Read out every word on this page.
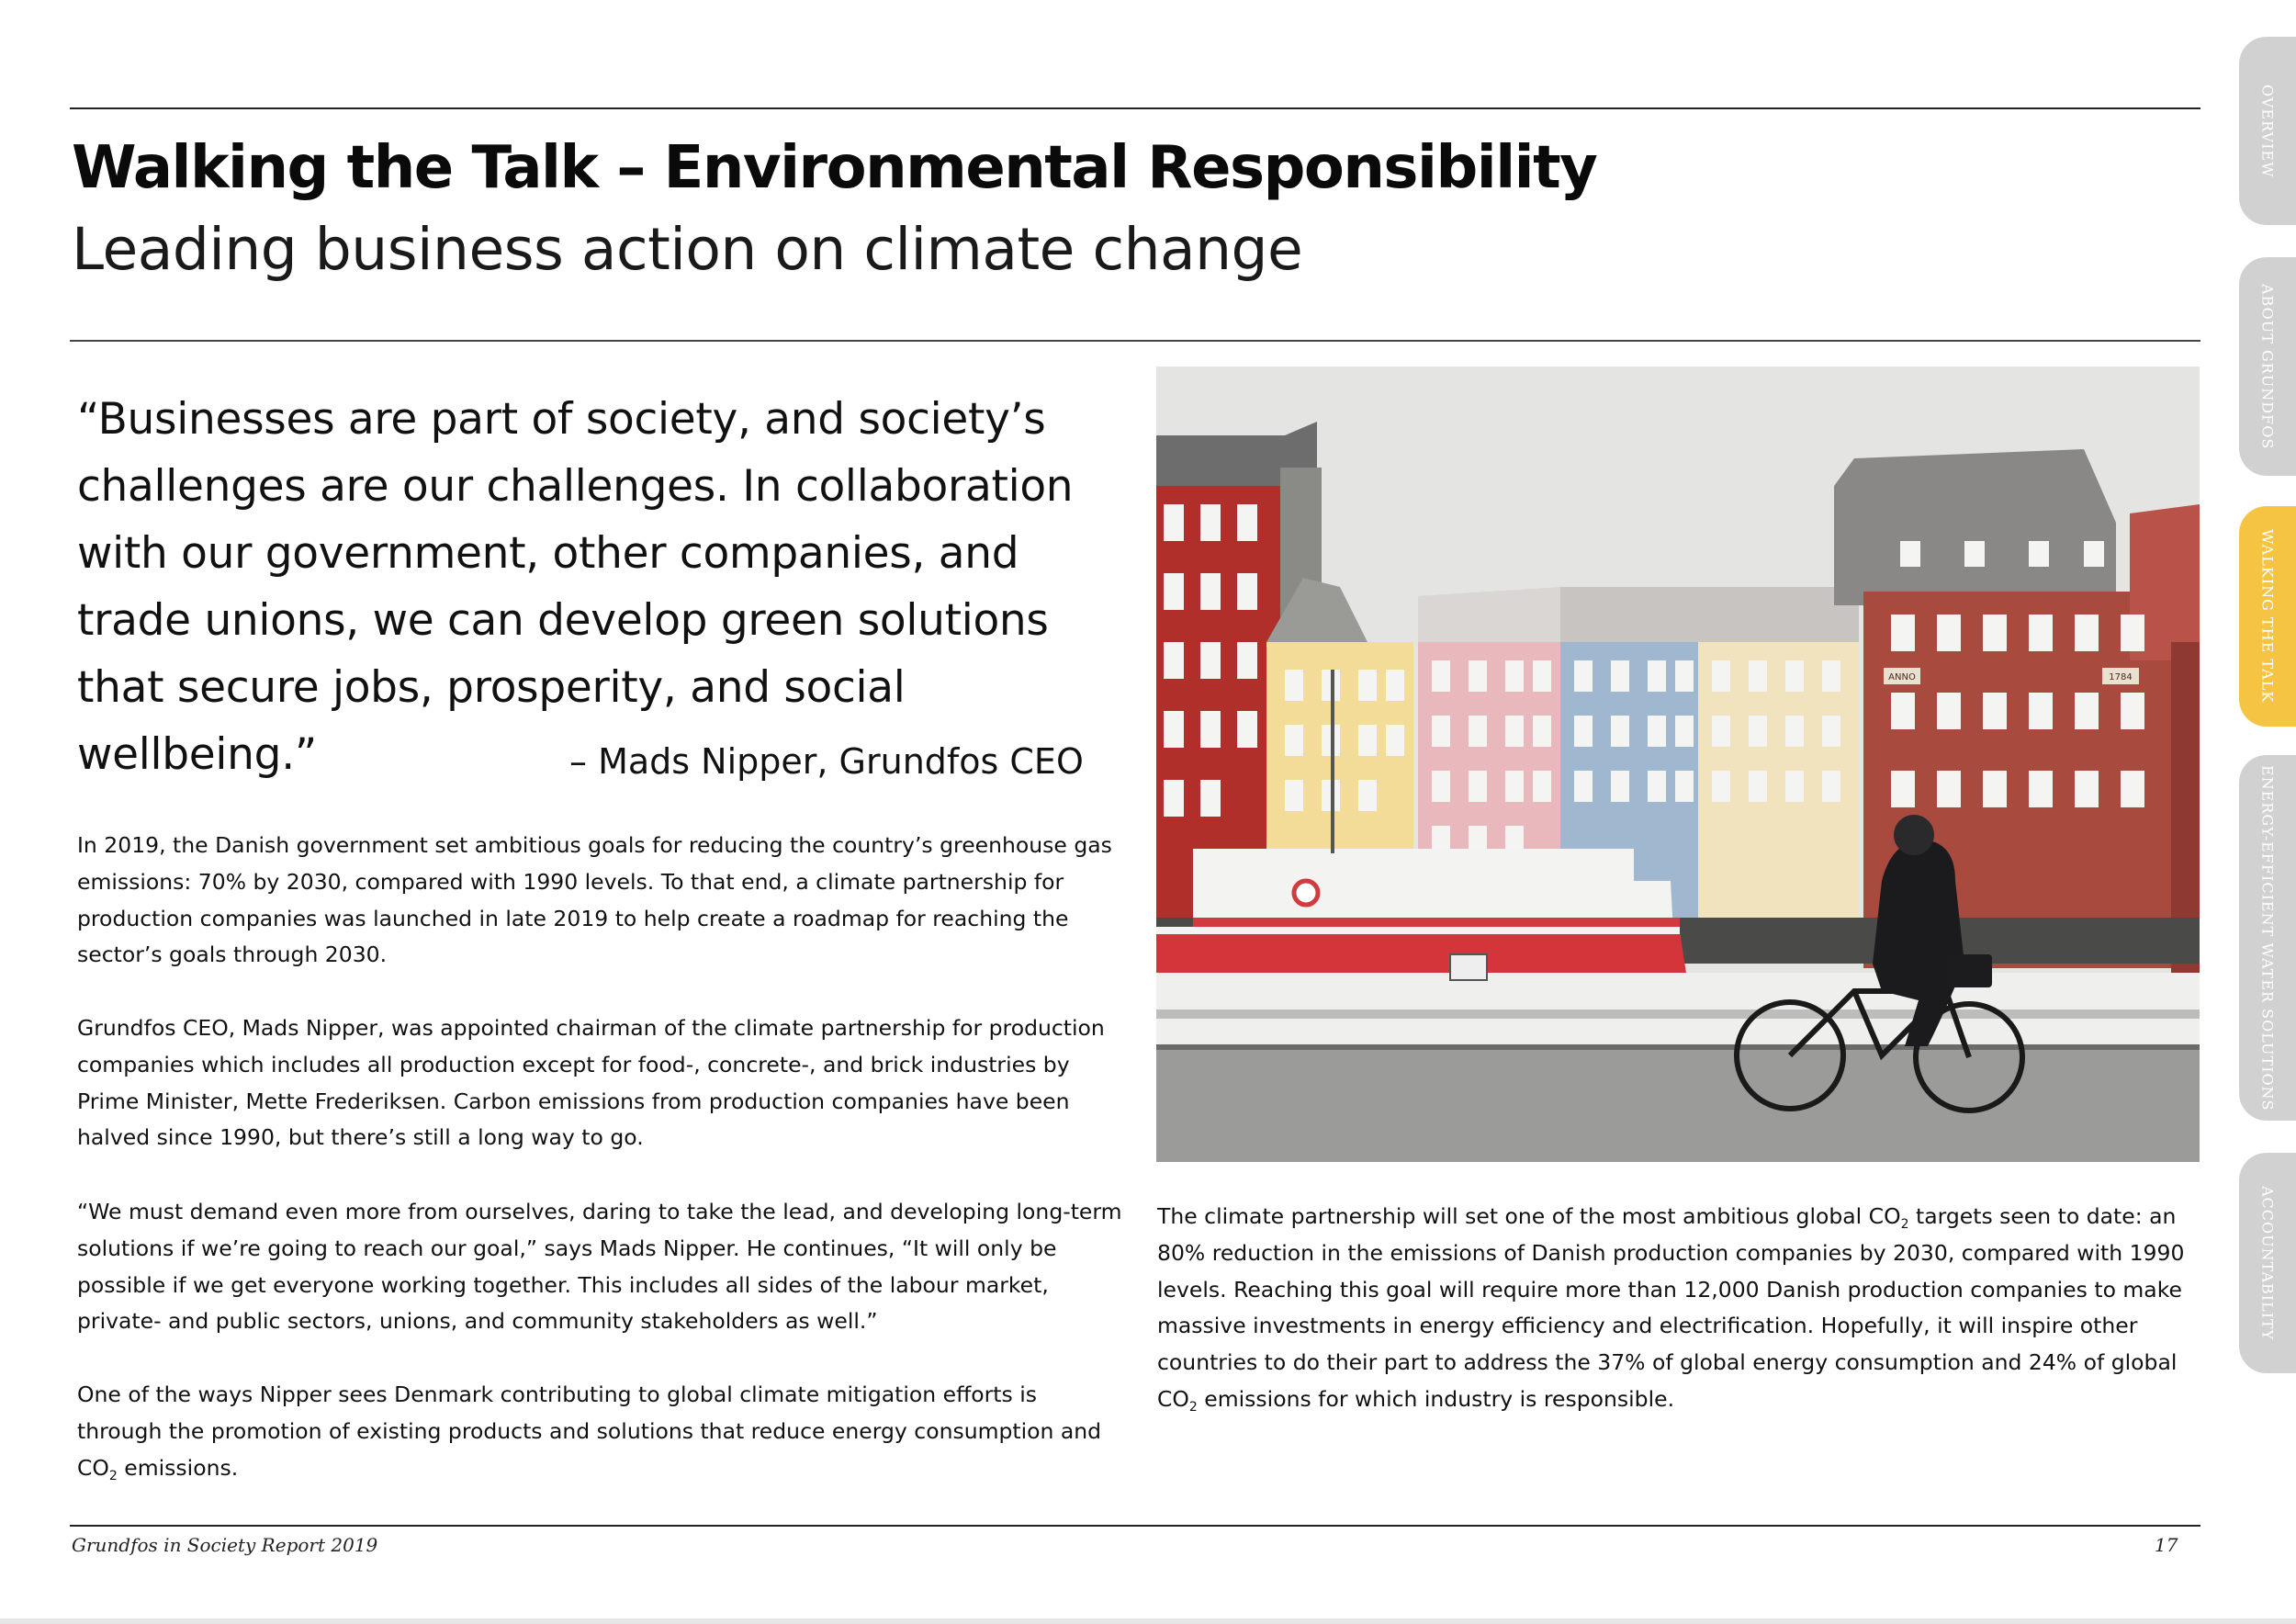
Walking the Talk – Environmental Responsibility
Leading business action on climate change
“Businesses are part of society, and society’s challenges are our challenges. In collaboration with our government, other companies, and trade unions, we can develop green solutions that secure jobs, prosperity, and social wellbeing.”	– Mads Nipper, Grundfos CEO

In 2019, the Danish government set ambitious goals for reducing the country’s greenhouse gas emissions: 70% by 2030, compared with 1990 levels. To that end, a climate partnership for production companies was launched in late 2019 to help create a roadmap for reaching the sector’s goals through 2030.

Grundfos CEO, Mads Nipper, was appointed chairman of the climate partnership for production companies which includes all production except for food-, concrete-, and brick industries by Prime Minister, Mette Frederiksen. Carbon emissions from production companies have been halved since 1990, but there’s still a long way to go.

“We must demand even more from ourselves, daring to take the lead, and developing long-term solutions if we’re going to reach our goal,” says Mads Nipper. He continues, “It will only be possible if we get everyone working together. This includes all sides of the labour market, private- and public sectors, unions, and community stakeholders as well.”

One of the ways Nipper sees Denmark contributing to global climate mitigation efforts is through the promotion of existing products and solutions that reduce energy consumption and $CO_2$ emissions.

The climate partnership will set one of the most ambitious global $CO_2$ targets seen to date: an 80% reduction in the emissions of Danish production companies by 2030, compared with 1990 levels. Reaching this goal will require more than 12,000 Danish production companies to make massive investments in energy efficiency and electrification. Hopefully, it will inspire other countries to do their part to address the 37% of global energy consumption and 24% of global $CO_2$ emissions for which industry is responsible.

ANNO	1784
Grundfos in Society Report 2019	17
OVERVIEW
ABOUT GRUNDFOS
WALKING THE TALK
ENERGY-EFFICIENT WATER SOLUTIONS
ACCOUNTABILITY
